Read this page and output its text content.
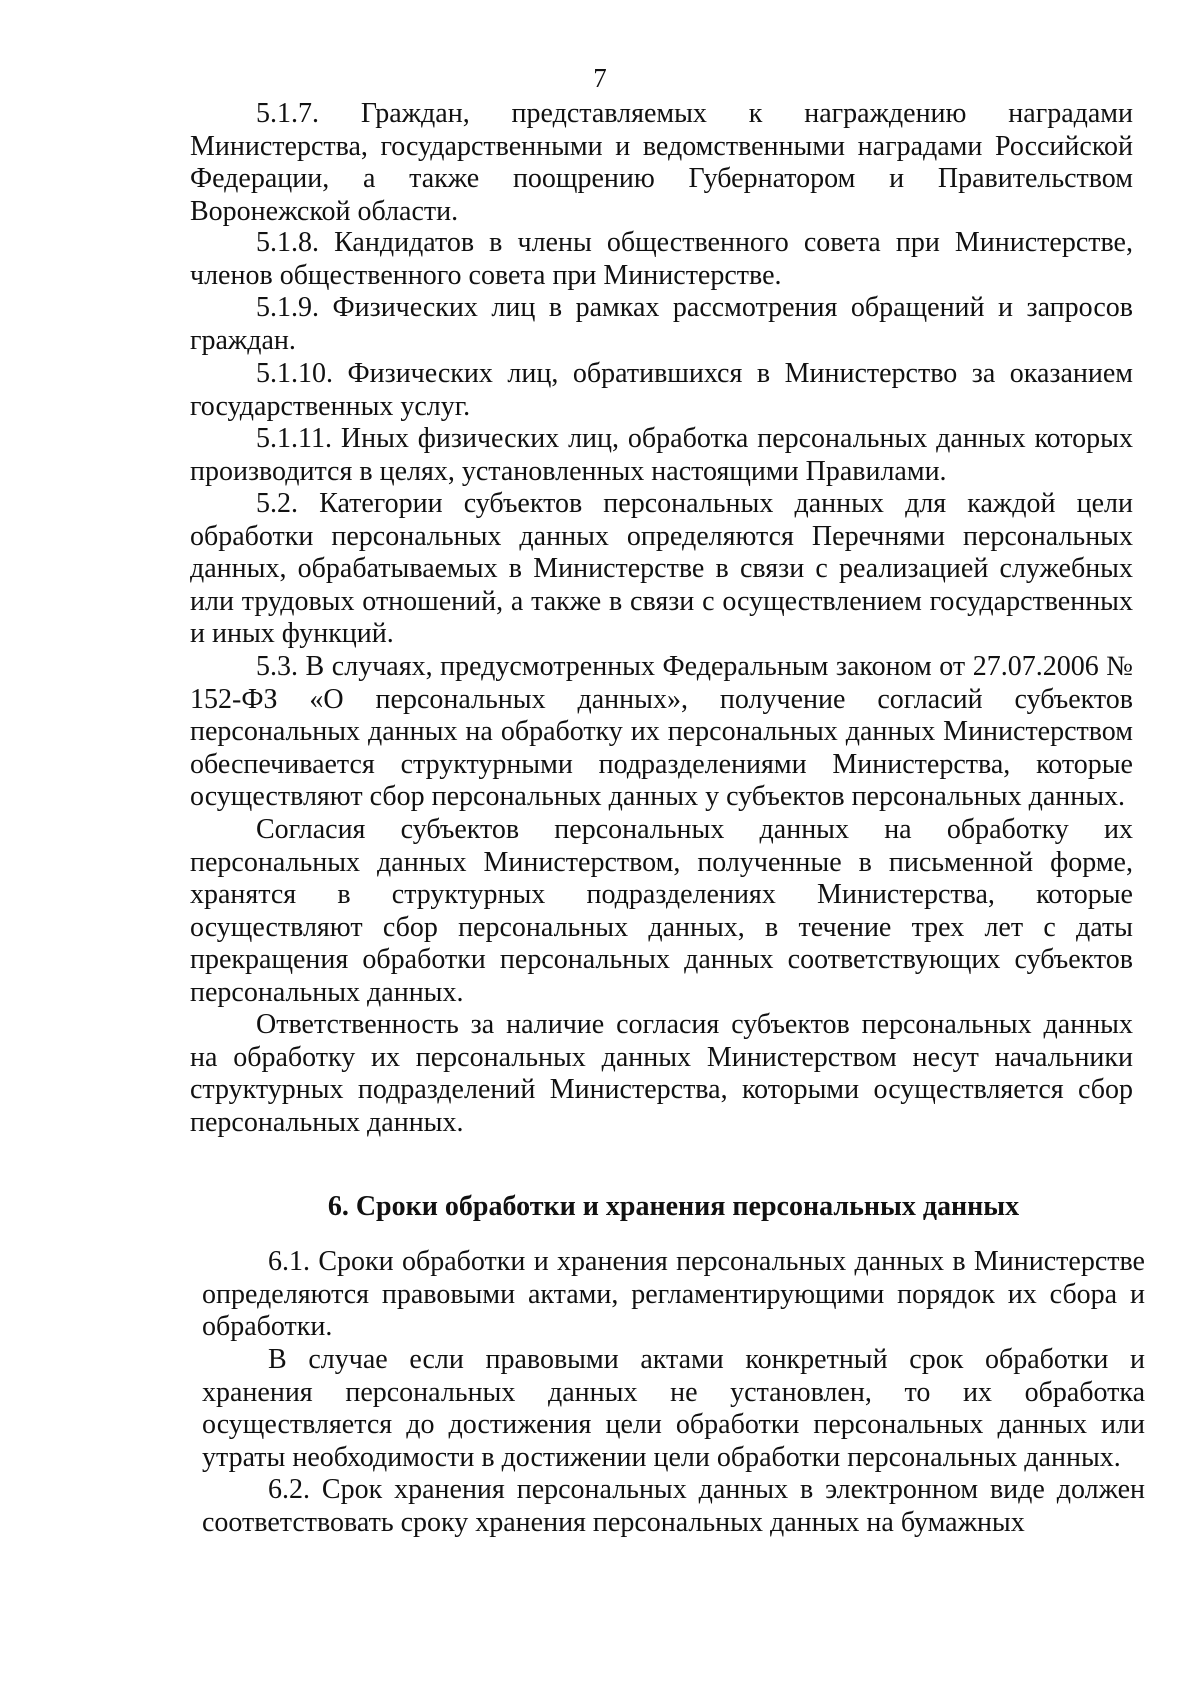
7

5.1.7. Граждан, представляемых к награждению наградами Министерства, государственными и ведомственными наградами Российской Федерации, а также поощрению Губернатором и Правительством Воронежской области.

5.1.8. Кандидатов в члены общественного совета при Министерстве, членов общественного совета при Министерстве.

5.1.9. Физических лиц в рамках рассмотрения обращений и запросов граждан.

5.1.10. Физических лиц, обратившихся в Министерство за оказанием государственных услуг.

5.1.11. Иных физических лиц, обработка персональных данных которых производится в целях, установленных настоящими Правилами.

5.2. Категории субъектов персональных данных для каждой цели обработки персональных данных определяются Перечнями персональных данных, обрабатываемых в Министерстве в связи с реализацией служебных или трудовых отношений, а также в связи с осуществлением государственных и иных функций.

5.3. В случаях, предусмотренных Федеральным законом от 27.07.2006 № 152-ФЗ «О персональных данных», получение согласий субъектов персональных данных на обработку их персональных данных Министерством обеспечивается структурными подразделениями Министерства, которые осуществляют сбор персональных данных у субъектов персональных данных.

Согласия субъектов персональных данных на обработку их персональных данных Министерством, полученные в письменной форме, хранятся в структурных подразделениях Министерства, которые осуществляют сбор персональных данных, в течение трех лет с даты прекращения обработки персональных данных соответствующих субъектов персональных данных.

Ответственность за наличие согласия субъектов персональных данных на обработку их персональных данных Министерством несут начальники структурных подразделений Министерства, которыми осуществляется сбор персональных данных.

6. Сроки обработки и хранения персональных данных

6.1. Сроки обработки и хранения персональных данных в Министерстве определяются правовыми актами, регламентирующими порядок их сбора и обработки.

В случае если правовыми актами конкретный срок обработки и хранения персональных данных не установлен, то их обработка осуществляется до достижения цели обработки персональных данных или утраты необходимости в достижении цели обработки персональных данных.

6.2. Срок хранения персональных данных в электронном виде должен соответствовать сроку хранения персональных данных на бумажных
